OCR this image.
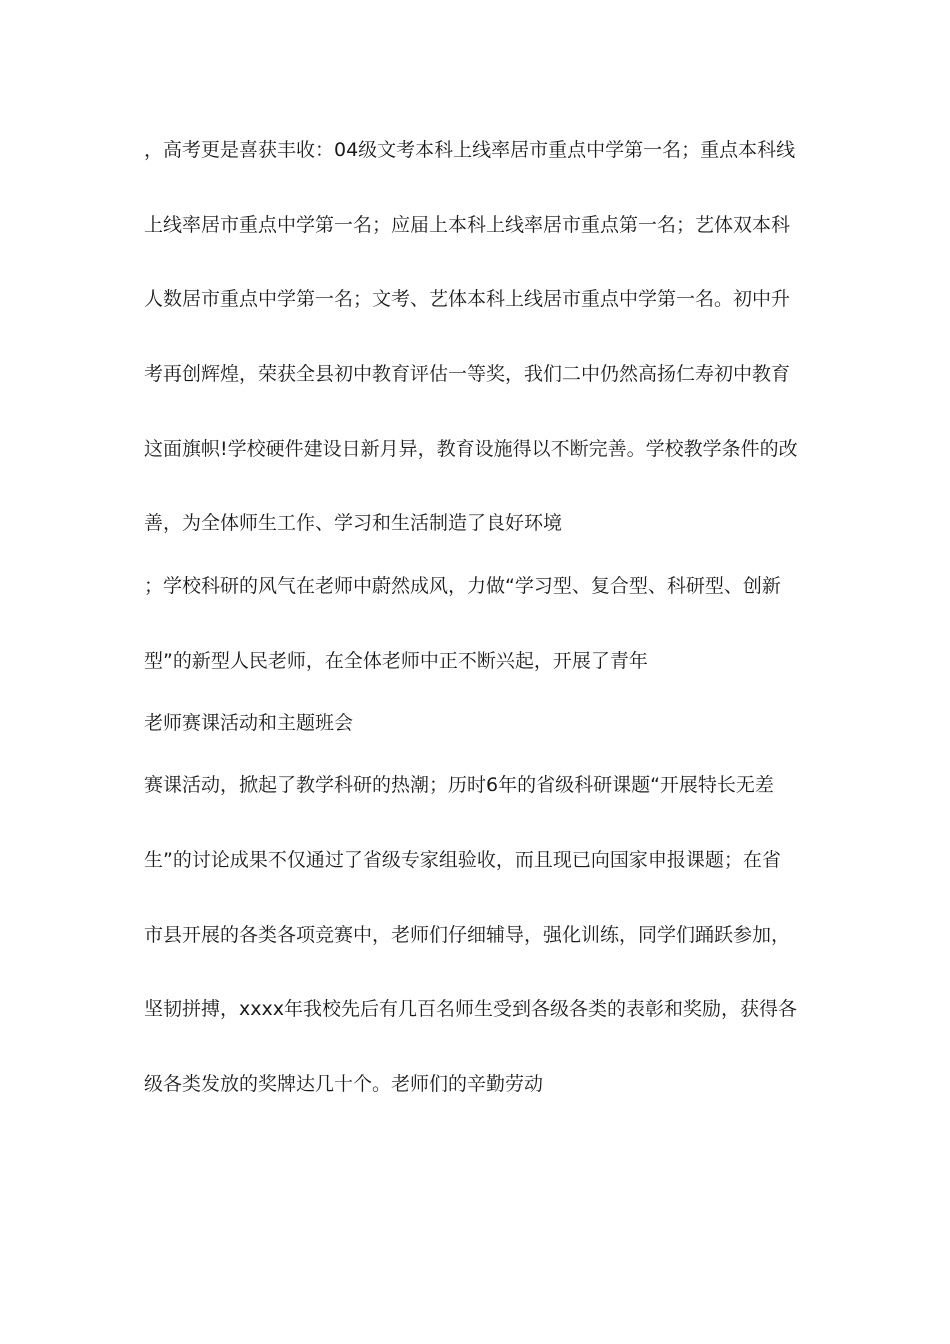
，高考更是喜获丰收：04级文考本科上线率居市重点中学第一名；重点本科线
上线率居市重点中学第一名；应届上本科上线率居市重点第一名；艺体双本科
人数居市重点中学第一名；文考、艺体本科上线居市重点中学第一名。初中升
考再创辉煌，荣获全县初中教育评估一等奖，我们二中仍然高扬仁寿初中教育
这面旗帜!学校硬件建设日新月异，教育设施得以不断完善。学校教学条件的改
善，为全体师生工作、学习和生活制造了良好环境
；学校科研的风气在老师中蔚然成风，力做“学习型、复合型、科研型、创新
型”的新型人民老师，在全体老师中正不断兴起，开展了青年
老师赛课活动和主题班会
赛课活动，掀起了教学科研的热潮；历时6年的省级科研课题“开展特长无差
生”的讨论成果不仅通过了省级专家组验收，而且现已向国家申报课题；在省
市县开展的各类各项竞赛中，老师们仔细辅导，强化训练，同学们踊跃参加，
坚韧拼搏，xxxx年我校先后有几百名师生受到各级各类的表彰和奖励，获得各
级各类发放的奖牌达几十个。老师们的辛勤劳动
